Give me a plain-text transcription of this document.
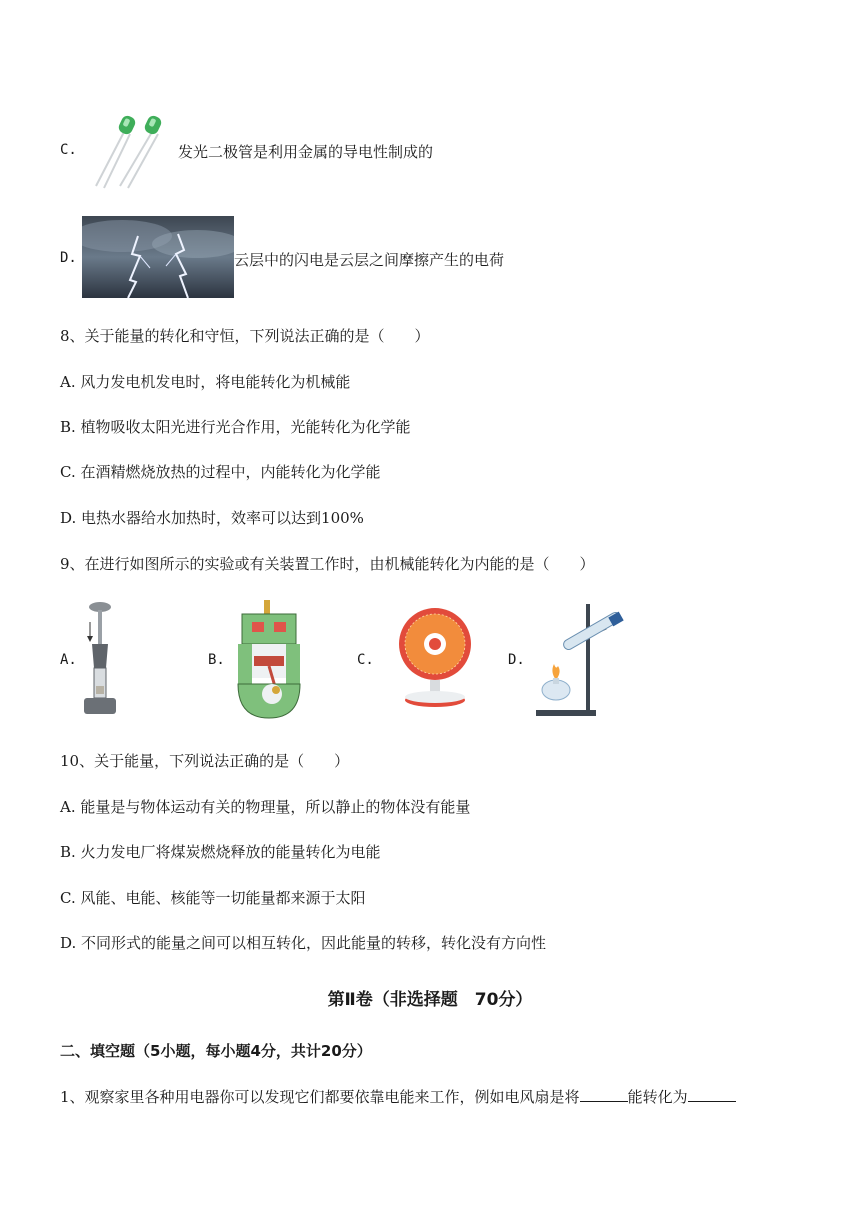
C.	发光二极管是利用金属的导电性制成的
D.	云层中的闪电是云层之间摩擦产生的电荷
8、关于能量的转化和守恒，下列说法正确的是（　　）
A. 风力发电机发电时，将电能转化为机械能
B. 植物吸收太阳光进行光合作用，光能转化为化学能
C. 在酒精燃烧放热的过程中，内能转化为化学能
D. 电热水器给水加热时，效率可以达到100%
9、在进行如图所示的实验或有关装置工作时，由机械能转化为内能的是（　　）
A.	B.	C.	D.
10、关于能量，下列说法正确的是（　　）
A. 能量是与物体运动有关的物理量，所以静止的物体没有能量
B. 火力发电厂将煤炭燃烧释放的能量转化为电能
C. 风能、电能、核能等一切能量都来源于太阳
D. 不同形式的能量之间可以相互转化，因此能量的转移，转化没有方向性
第Ⅱ卷（非选择题　70分）
二、填空题（5小题，每小题4分，共计20分）
1、观察家里各种用电器你可以发现它们都要依靠电能来工作，例如电风扇是将	能转化为
